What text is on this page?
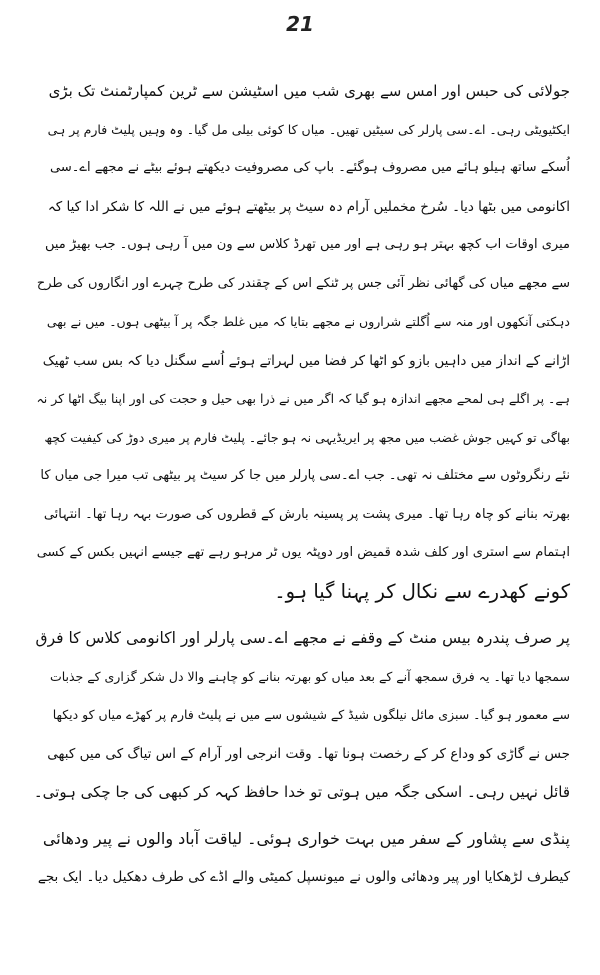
21

جولائی کی حبس اور امس سے بھری شب میں اسٹیشن سے ٹرین کمپارٹمنٹ تک بڑی
ایکٹیویٹی رہی۔ اے۔سی پارلر کی سیٹیں تھیں۔ میاں کا کوئی بیلی مل گیا۔ وہ وہیں پلیٹ فارم پر ہی
اُسکے ساتھ ہیلو ہائے میں مصروف ہوگئے۔ باپ کی مصروفیت دیکھتے ہوئے بیٹے نے مجھے اے۔سی
اکانومی میں بٹھا دیا۔ سُرخ مخملیں آرام دہ سیٹ پر بیٹھتے ہوئے میں نے اللہ کا شکر ادا کیا کہ
میری اوقات اب کچھ بہتر ہو رہی ہے اور میں تھرڈ کلاس سے ون میں آ رہی ہوں۔ جب بھیڑ میں
سے مجھے میاں کی گھائی نظر آئی جس پر ٹنکے اس کے چقندر کی طرح چہرے اور انگاروں کی طرح
دہکتی آنکھوں اور منہ سے اُگلتے شراروں نے مجھے بتایا کہ میں غلط جگہ پر آ بیٹھی ہوں۔ میں نے بھی
اڑانے کے انداز میں داہیں بازو کو اٹھا کر فضا میں لہراتے ہوئے اُسے سگنل دیا کہ بس سب ٹھیک
ہے۔ پر اگلے ہی لمحے مجھے اندازہ ہو گیا کہ اگر میں نے ذرا بھی حیل و حجت کی اور اپنا بیگ اٹھا کر نہ
بھاگی تو کہیں جوش غضب میں مجھ پر ایریڈیہی نہ ہو جائے۔ پلیٹ فارم پر میری دوڑ کی کیفیت کچھ
نئے رنگروٹوں سے مختلف نہ تھی۔ جب اے۔سی پارلر میں جا کر سیٹ پر بیٹھی تب میرا جی میاں کا
بھرتہ بنانے کو چاہ رہا تھا۔ میری پشت پر پسینہ بارش کے قطروں کی صورت بہہ رہا تھا۔ انتہائی
اہتمام سے استری اور کلف شدہ قمیض اور دوپٹہ یوں ٹر مرہو رہے تھے جیسے انہیں بکس کے کسی
کونے کھدرے سے نکال کر پہنا گیا ہو۔

پر صرف پندرہ بیس منٹ کے وقفے نے مجھے اے۔سی پارلر اور اکانومی کلاس کا فرق
سمجھا دیا تھا۔ یہ فرق سمجھ آنے کے بعد میاں کو بھرتہ بنانے کو چاہنے والا دل شکر گزاری کے جذبات
سے معمور ہو گیا۔ سبزی مائل نیلگوں شیڈ کے شیشوں سے میں نے پلیٹ فارم پر کھڑے میاں کو دیکھا
جس نے گاڑی کو وداع کر کے رخصت ہونا تھا۔ وقت انرجی اور آرام کے اس تیاگ کی میں کبھی
قائل نہیں رہی۔ اسکی جگہ میں ہوتی تو خدا حافظ کہہ کر کبھی کی جا چکی ہوتی۔

پنڈی سے پشاور کے سفر میں بہت خواری ہوئی۔ لیاقت آباد والوں نے پیر ودھائی
کیطرف لڑھکایا اور پیر ودھائی والوں نے میونسپل کمیٹی والے اڈے کی طرف دھکیل دیا۔ ایک بجے
